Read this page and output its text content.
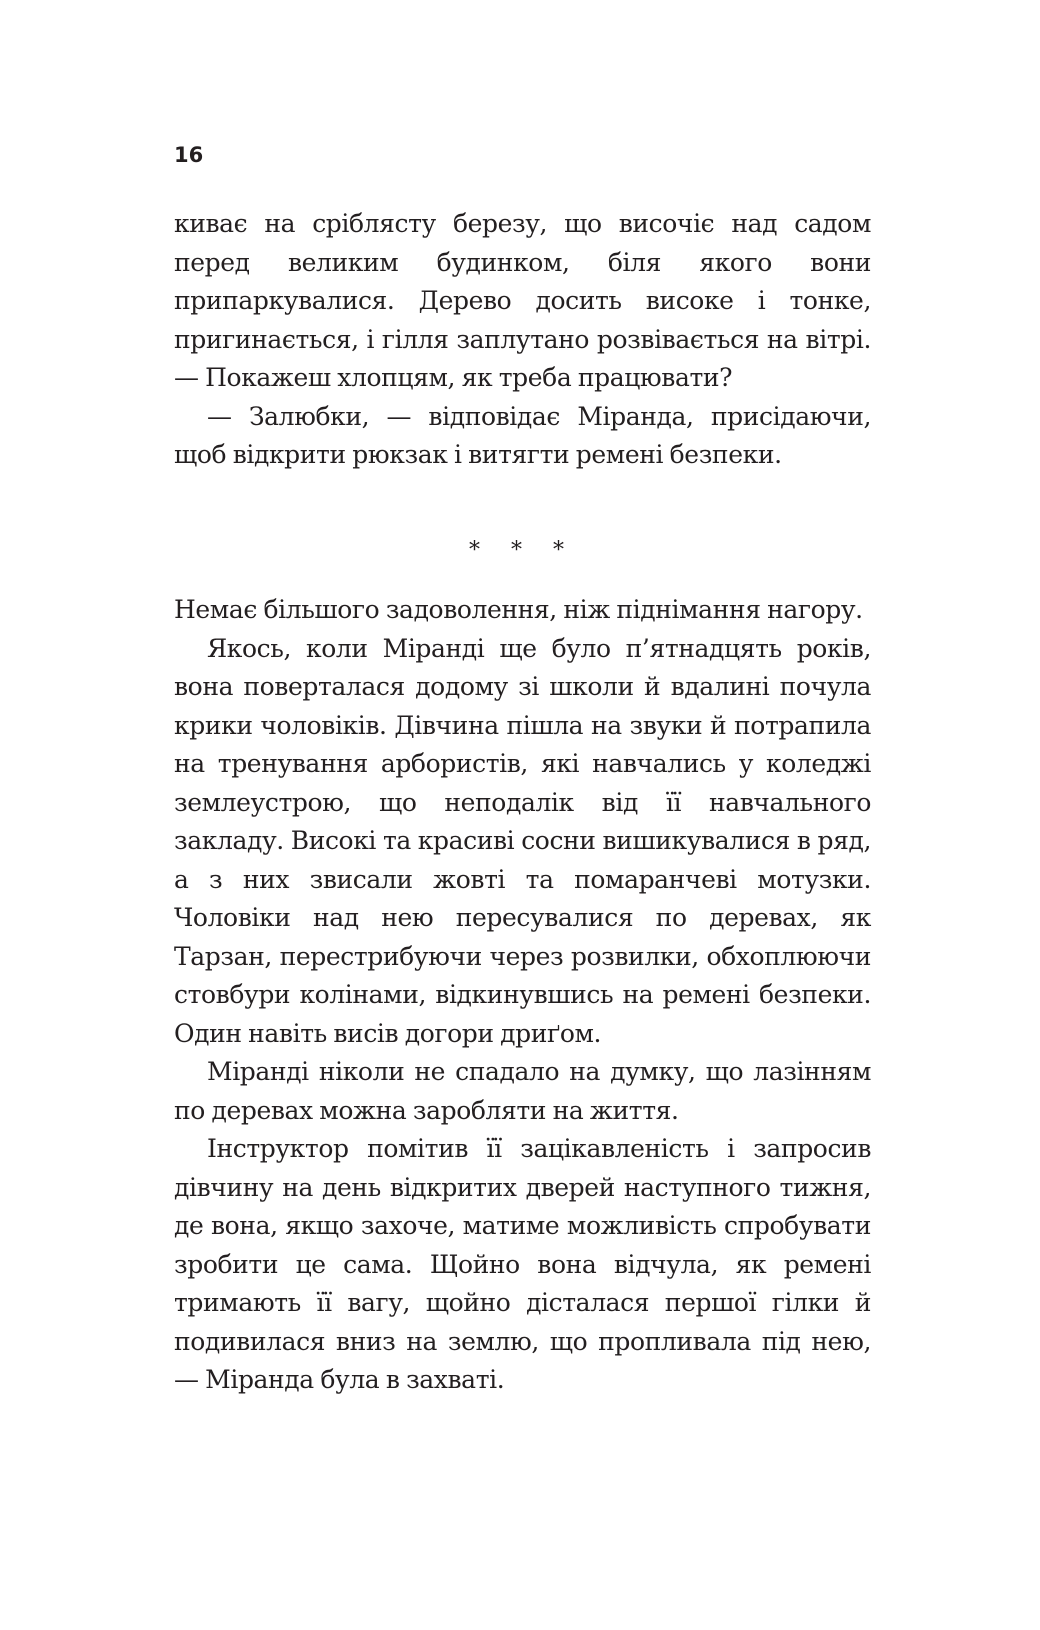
16

киває на сріблясту березу, що височіє над садом перед великим будинком, біля якого вони припаркувалися. Дерево досить високе і тонке, пригинається, і гілля заплутано розвівається на вітрі. — Покажеш хлопцям, як треба працювати?

— Залюбки, — відповідає Міранда, присідаючи, щоб відкрити рюкзак і витягти ремені безпеки.

* * *

Немає більшого задоволення, ніж піднімання нагору.

Якось, коли Міранді ще було п’ятнадцять років, вона поверталася додому зі школи й вдалині почула крики чоловіків. Дівчина пішла на звуки й потрапила на тренування арбористів, які навчались у коледжі землеустрою, що неподалік від її навчального закладу. Високі та красиві сосни вишикувалися в ряд, а з них звисали жовті та помаранчеві мотузки. Чоловіки над нею пересувалися по деревах, як Тарзан, перестрибуючи через розвилки, обхоплюючи стовбури колінами, відкинувшись на ремені безпеки. Один навіть висів догори дриґом.

Міранді ніколи не спадало на думку, що лазінням по деревах можна заробляти на життя.

Інструктор помітив її зацікавленість і запросив дівчину на день відкритих дверей наступного тижня, де вона, якщо захоче, матиме можливість спробувати зробити це сама. Щойно вона відчула, як ремені тримають її вагу, щойно дісталася першої гілки й подивилася вниз на землю, що пропливала під нею, — Міранда була в захваті.
